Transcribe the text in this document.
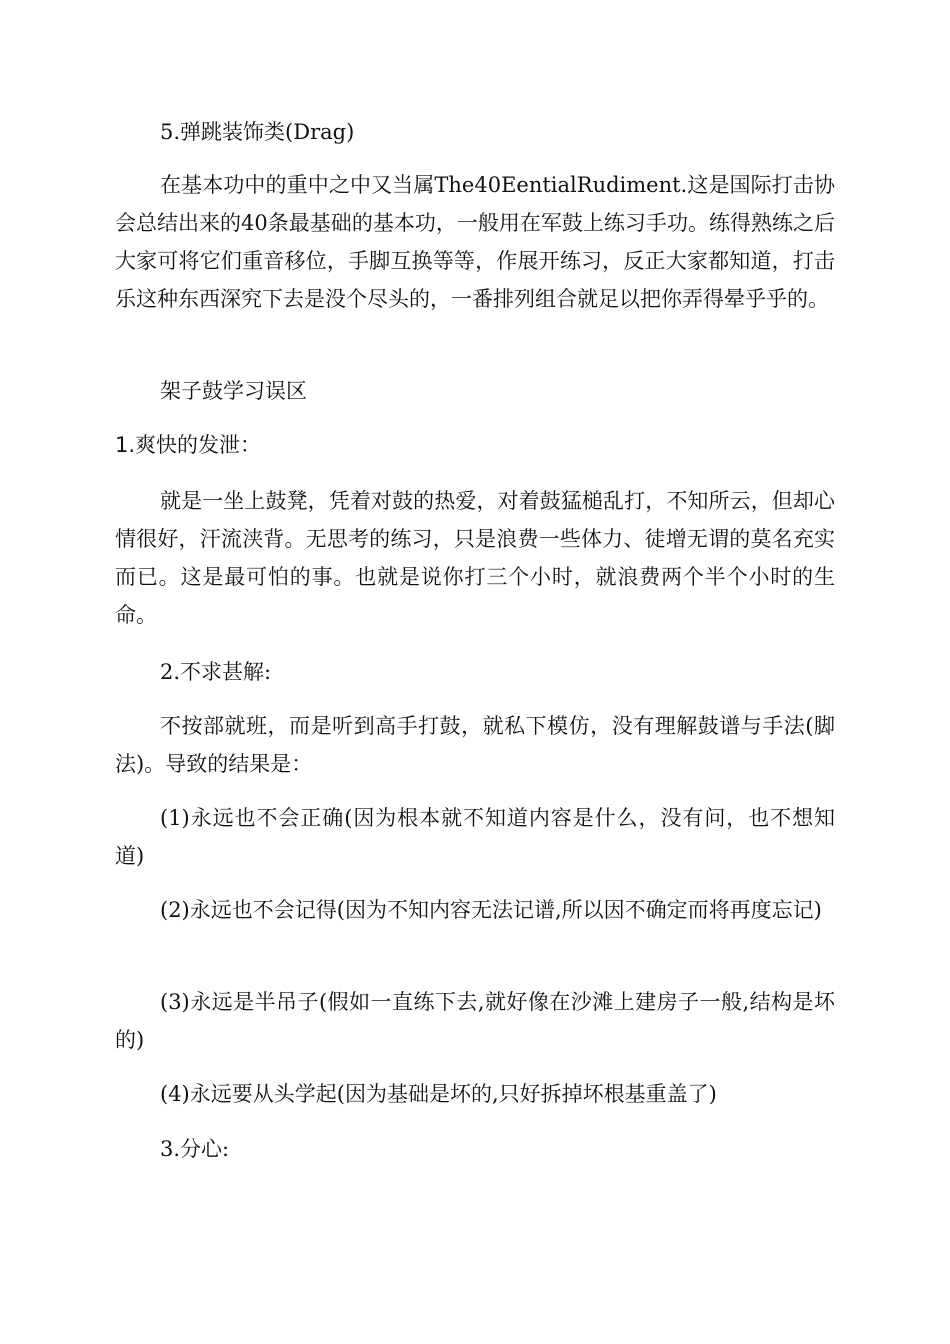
5.弹跳装饰类(Drag)

在基本功中的重中之中又当属The40EentialRudiment.这是国际打击协会总结出来的40条最基础的基本功，一般用在军鼓上练习手功。练得熟练之后大家可将它们重音移位，手脚互换等等，作展开练习，反正大家都知道，打击乐这种东西深究下去是没个尽头的，一番排列组合就足以把你弄得晕乎乎的。

架子鼓学习误区

1.爽快的发泄：

就是一坐上鼓凳，凭着对鼓的热爱，对着鼓猛槌乱打，不知所云，但却心情很好，汗流浃背。无思考的练习，只是浪费一些体力、徒增无谓的莫名充实而已。这是最可怕的事。也就是说你打三个小时，就浪费两个半个小时的生命。

2.不求甚解:

不按部就班，而是听到高手打鼓，就私下模仿，没有理解鼓谱与手法(脚法)。导致的结果是：

(1)永远也不会正确(因为根本就不知道内容是什么，没有问，也不想知道)

(2)永远也不会记得(因为不知内容无法记谱,所以因不确定而将再度忘记)

(3)永远是半吊子(假如一直练下去,就好像在沙滩上建房子一般,结构是坏的)

(4)永远要从头学起(因为基础是坏的,只好拆掉坏根基重盖了)

3.分心:
